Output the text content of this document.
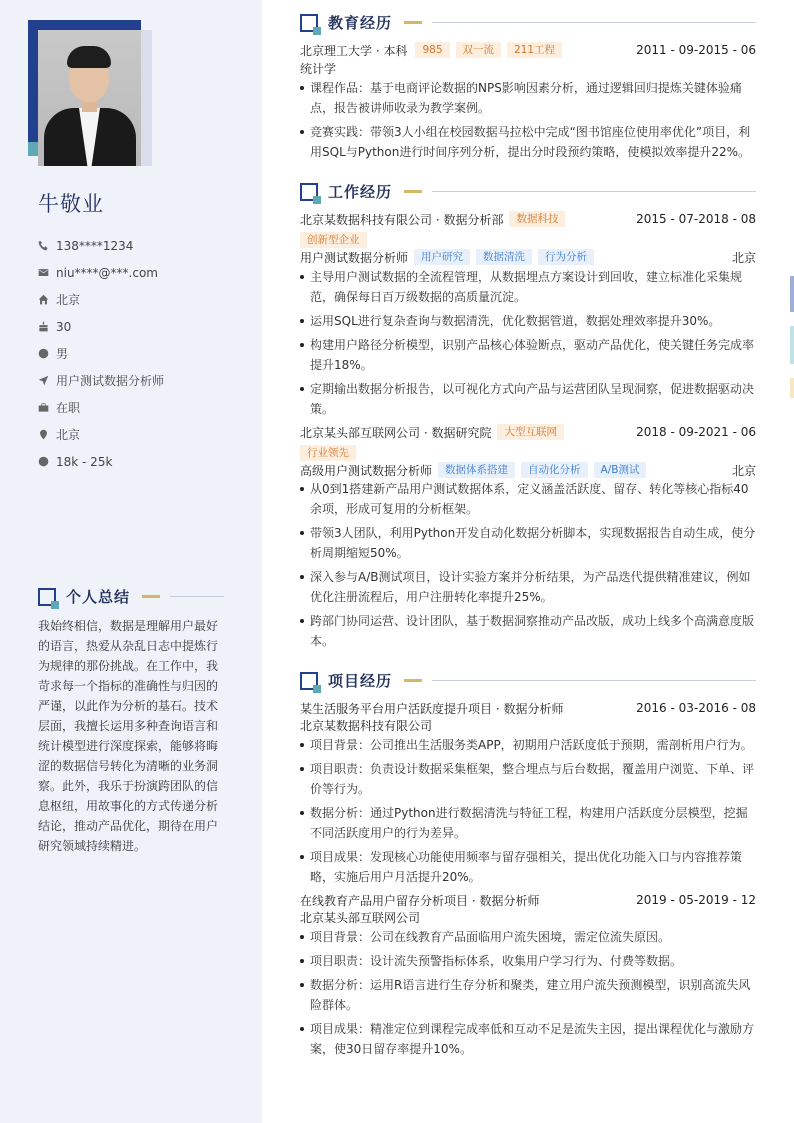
牛敬业
138****1234
niu****@***.com
北京
30
男
用户测试数据分析师
在职
北京
18k - 25k
个人总结

我始终相信，数据是理解用户最好的语言，热爱从杂乱日志中提炼行为规律的那份挑战。在工作中，我苛求每一个指标的准确性与归因的严谨，以此作为分析的基石。技术层面，我擅长运用多种查询语言和统计模型进行深度探索，能够将晦涩的数据信号转化为清晰的业务洞察。此外，我乐于扮演跨团队的信息枢纽，用故事化的方式传递分析结论，推动产品优化，期待在用户研究领域持续精进。

教育经历
北京理工大学 · 本科	985	双一流	211工程	2011 - 09-2015 - 06
统计学
课程作品：基于电商评论数据的NPS影响因素分析，通过逻辑回归提炼关键体验痛点，报告被讲师收录为教学案例。
竞赛实践：带领3人小组在校园数据马拉松中完成“图书馆座位使用率优化”项目，利用SQL与Python进行时间序列分析，提出分时段预约策略，使模拟效率提升22%。
工作经历
北京某数据科技有限公司 · 数据分析部	数据科技	2015 - 07-2018 - 08
创新型企业
用户测试数据分析师	用户研究	数据清洗	行为分析	北京
主导用户测试数据的全流程管理，从数据埋点方案设计到回收，建立标准化采集规范，确保每日百万级数据的高质量沉淀。
运用SQL进行复杂查询与数据清洗，优化数据管道，数据处理效率提升30%。
构建用户路径分析模型，识别产品核心体验断点，驱动产品优化，使关键任务完成率提升18%。
定期输出数据分析报告，以可视化方式向产品与运营团队呈现洞察，促进数据驱动决策。
北京某头部互联网公司 · 数据研究院	大型互联网	2018 - 09-2021 - 06
行业领先
高级用户测试数据分析师	数据体系搭建	自动化分析	A/B测试	北京
从0到1搭建新产品用户测试数据体系，定义涵盖活跃度、留存、转化等核心指标40余项，形成可复用的分析框架。
带领3人团队，利用Python开发自动化数据分析脚本，实现数据报告自动生成，使分析周期缩短50%。
深入参与A/B测试项目，设计实验方案并分析结果，为产品迭代提供精准建议，例如优化注册流程后，用户注册转化率提升25%。
跨部门协同运营、设计团队，基于数据洞察推动产品改版，成功上线多个高满意度版本。
项目经历
某生活服务平台用户活跃度提升项目 · 数据分析师	2016 - 03-2016 - 08
北京某数据科技有限公司
项目背景：公司推出生活服务类APP，初期用户活跃度低于预期，需剖析用户行为。
项目职责：负责设计数据采集框架，整合埋点与后台数据，覆盖用户浏览、下单、评价等行为。
数据分析：通过Python进行数据清洗与特征工程，构建用户活跃度分层模型，挖掘不同活跃度用户的行为差异。
项目成果：发现核心功能使用频率与留存强相关，提出优化功能入口与内容推荐策略，实施后用户月活提升20%。
在线教育产品用户留存分析项目 · 数据分析师	2019 - 05-2019 - 12
北京某头部互联网公司
项目背景：公司在线教育产品面临用户流失困境，需定位流失原因。
项目职责：设计流失预警指标体系，收集用户学习行为、付费等数据。
数据分析：运用R语言进行生存分析和聚类，建立用户流失预测模型，识别高流失风险群体。
项目成果：精准定位到课程完成率低和互动不足是流失主因，提出课程优化与激励方案，使30日留存率提升10%。
